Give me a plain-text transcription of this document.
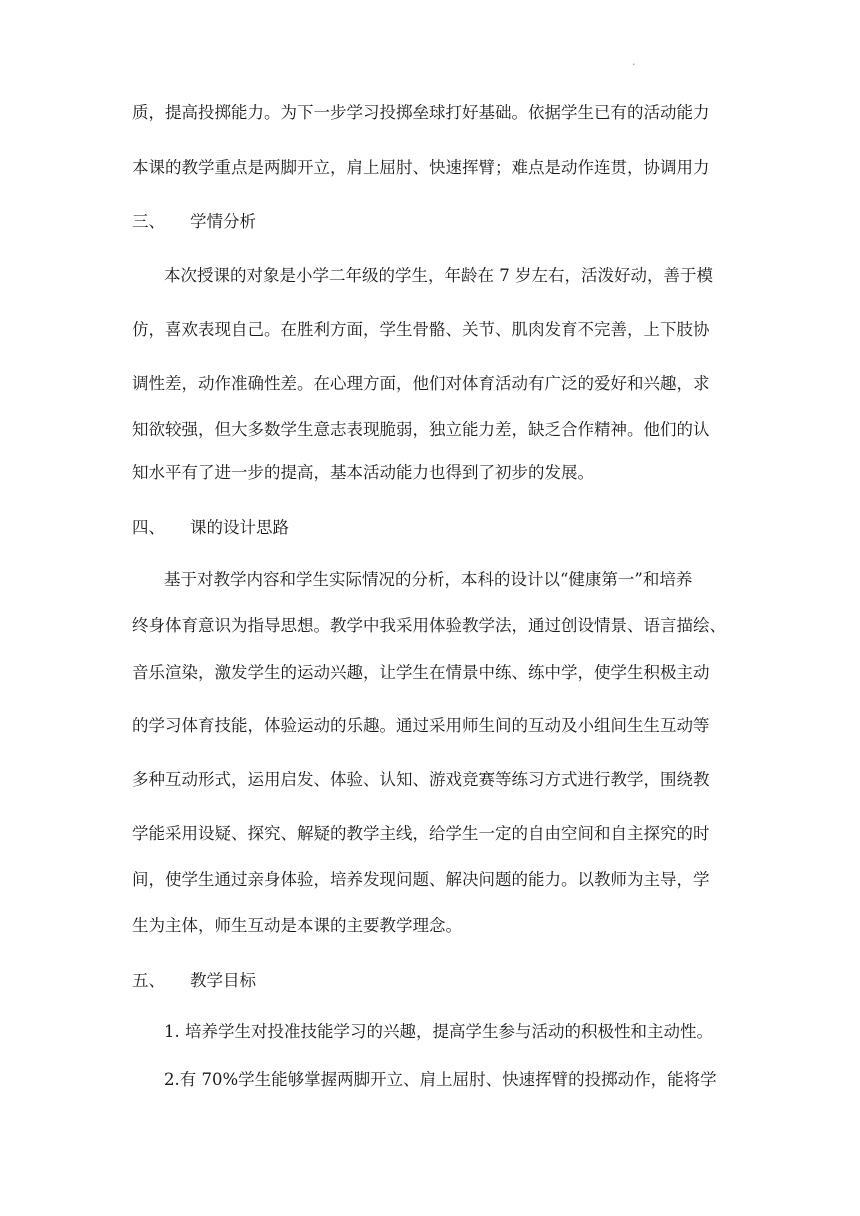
.
质，提高投掷能力。为下一步学习投掷垒球打好基础。依据学生已有的活动能力
本课的教学重点是两脚开立，肩上屈肘、快速挥臂；难点是动作连贯，协调用力
三、 学情分析
本次授课的对象是小学二年级的学生，年龄在 7 岁左右，活泼好动，善于模
仿，喜欢表现自己。在胜利方面，学生骨骼、关节、肌肉发育不完善，上下肢协
调性差，动作准确性差。在心理方面，他们对体育活动有广泛的爱好和兴趣，求
知欲较强，但大多数学生意志表现脆弱，独立能力差，缺乏合作精神。他们的认
知水平有了进一步的提高，基本活动能力也得到了初步的发展。
四、 课的设计思路
基于对教学内容和学生实际情况的分析，本科的设计以“健康第一”和培养
终身体育意识为指导思想。教学中我采用体验教学法，通过创设情景、语言描绘、
音乐渲染，激发学生的运动兴趣，让学生在情景中练、练中学，使学生积极主动
的学习体育技能，体验运动的乐趣。通过采用师生间的互动及小组间生生互动等
多种互动形式，运用启发、体验、认知、游戏竞赛等练习方式进行教学，围绕教
学能采用设疑、探究、解疑的教学主线，给学生一定的自由空间和自主探究的时
间，使学生通过亲身体验，培养发现问题、解决问题的能力。以教师为主导，学
生为主体，师生互动是本课的主要教学理念。
五、 教学目标
1. 培养学生对投准技能学习的兴趣，提高学生参与活动的积极性和主动性。
2.有 70%学生能够掌握两脚开立、肩上屈肘、快速挥臂的投掷动作，能将学
